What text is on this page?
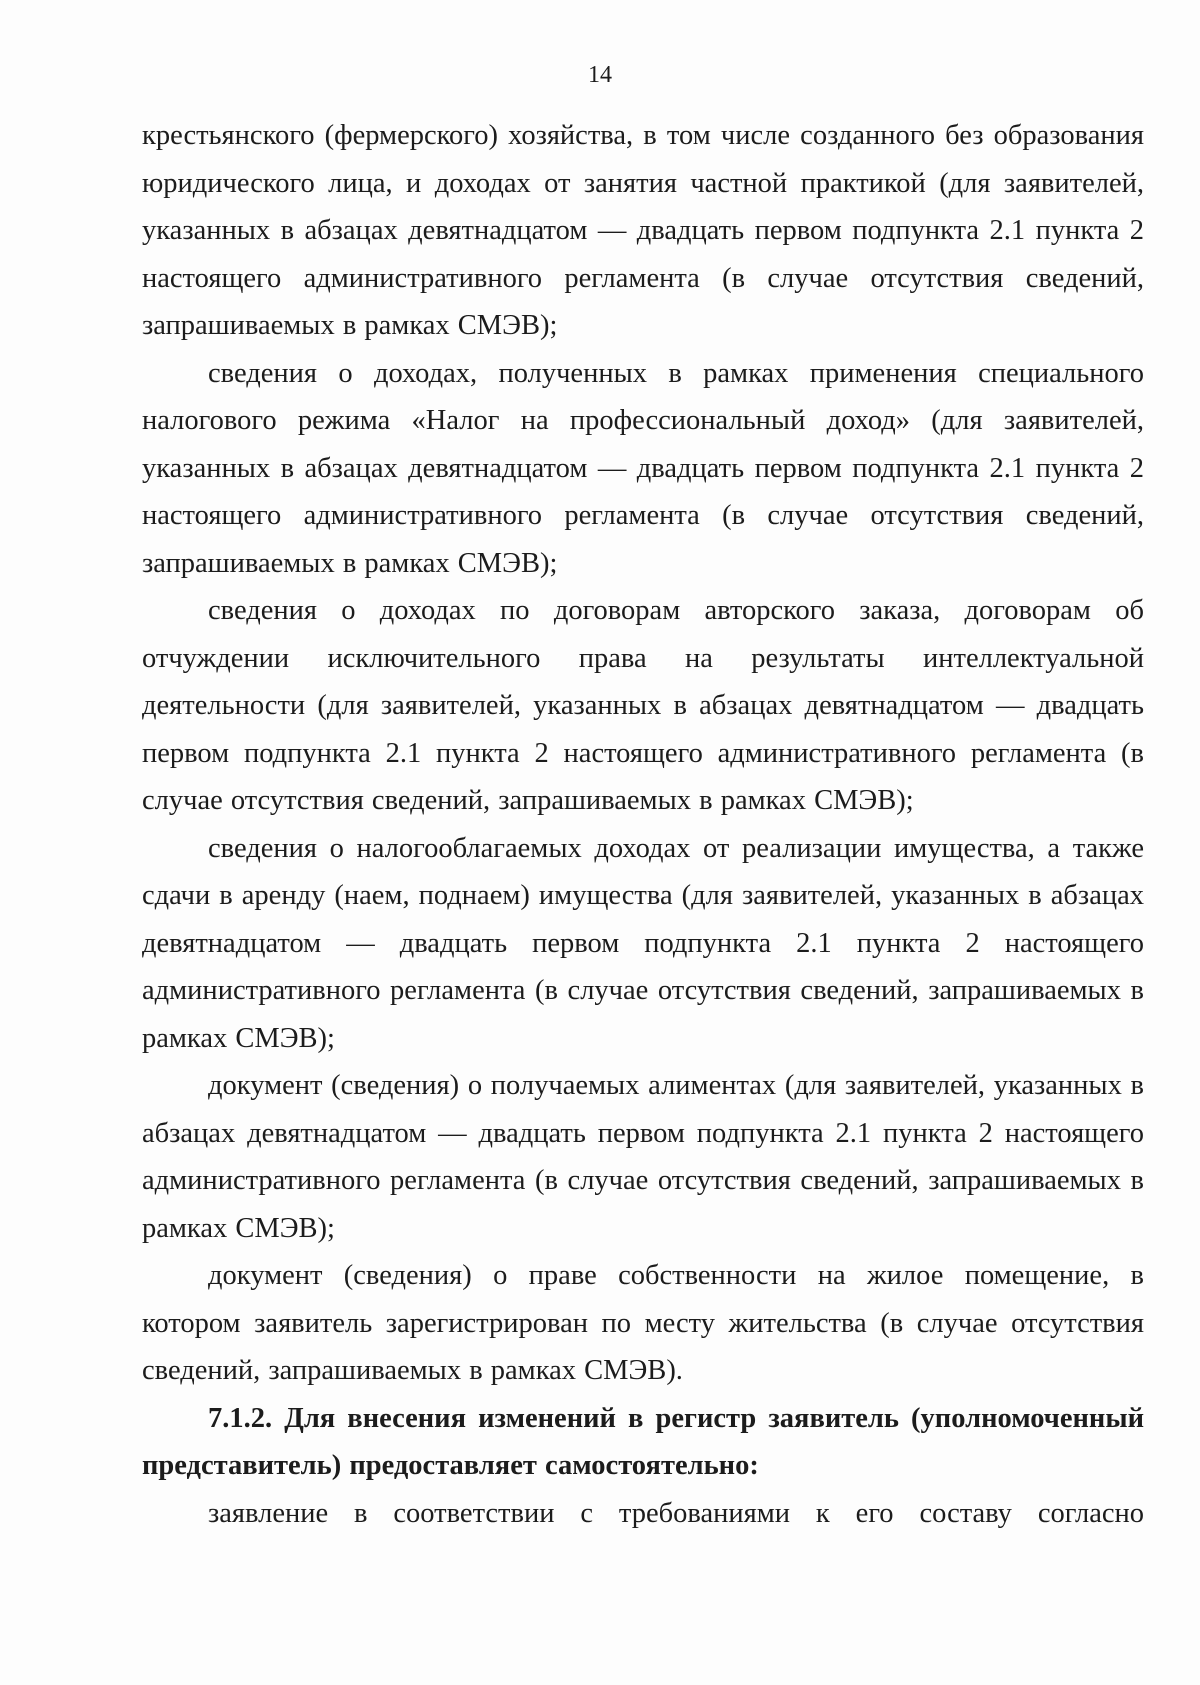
14

крестьянского (фермерского) хозяйства, в том числе созданного без образования юридического лица, и доходах от занятия частной практикой (для заявителей, указанных в абзацах девятнадцатом — двадцать первом подпункта 2.1 пункта 2 настоящего административного регламента (в случае отсутствия сведений, запрашиваемых в рамках СМЭВ);

сведения о доходах, полученных в рамках применения специального налогового режима «Налог на профессиональный доход» (для заявителей, указанных в абзацах девятнадцатом — двадцать первом подпункта 2.1 пункта 2 настоящего административного регламента (в случае отсутствия сведений, запрашиваемых в рамках СМЭВ);

сведения о доходах по договорам авторского заказа, договорам об отчуждении исключительного права на результаты интеллектуальной деятельности (для заявителей, указанных в абзацах девятнадцатом — двадцать первом подпункта 2.1 пункта 2 настоящего административного регламента (в случае отсутствия сведений, запрашиваемых в рамках СМЭВ);

сведения о налогооблагаемых доходах от реализации имущества, а также сдачи в аренду (наем, поднаем) имущества (для заявителей, указанных в абзацах девятнадцатом — двадцать первом подпункта 2.1 пункта 2 настоящего административного регламента (в случае отсутствия сведений, запрашиваемых в рамках СМЭВ);

документ (сведения) о получаемых алиментах (для заявителей, указанных в абзацах девятнадцатом — двадцать первом подпункта 2.1 пункта 2 настоящего административного регламента (в случае отсутствия сведений, запрашиваемых в рамках СМЭВ);

документ (сведения) о праве собственности на жилое помещение, в котором заявитель зарегистрирован по месту жительства (в случае отсутствия сведений, запрашиваемых в рамках СМЭВ).

7.1.2. Для внесения изменений в регистр заявитель (уполномоченный представитель) предоставляет самостоятельно:

заявление в соответствии с требованиями к его составу согласно
